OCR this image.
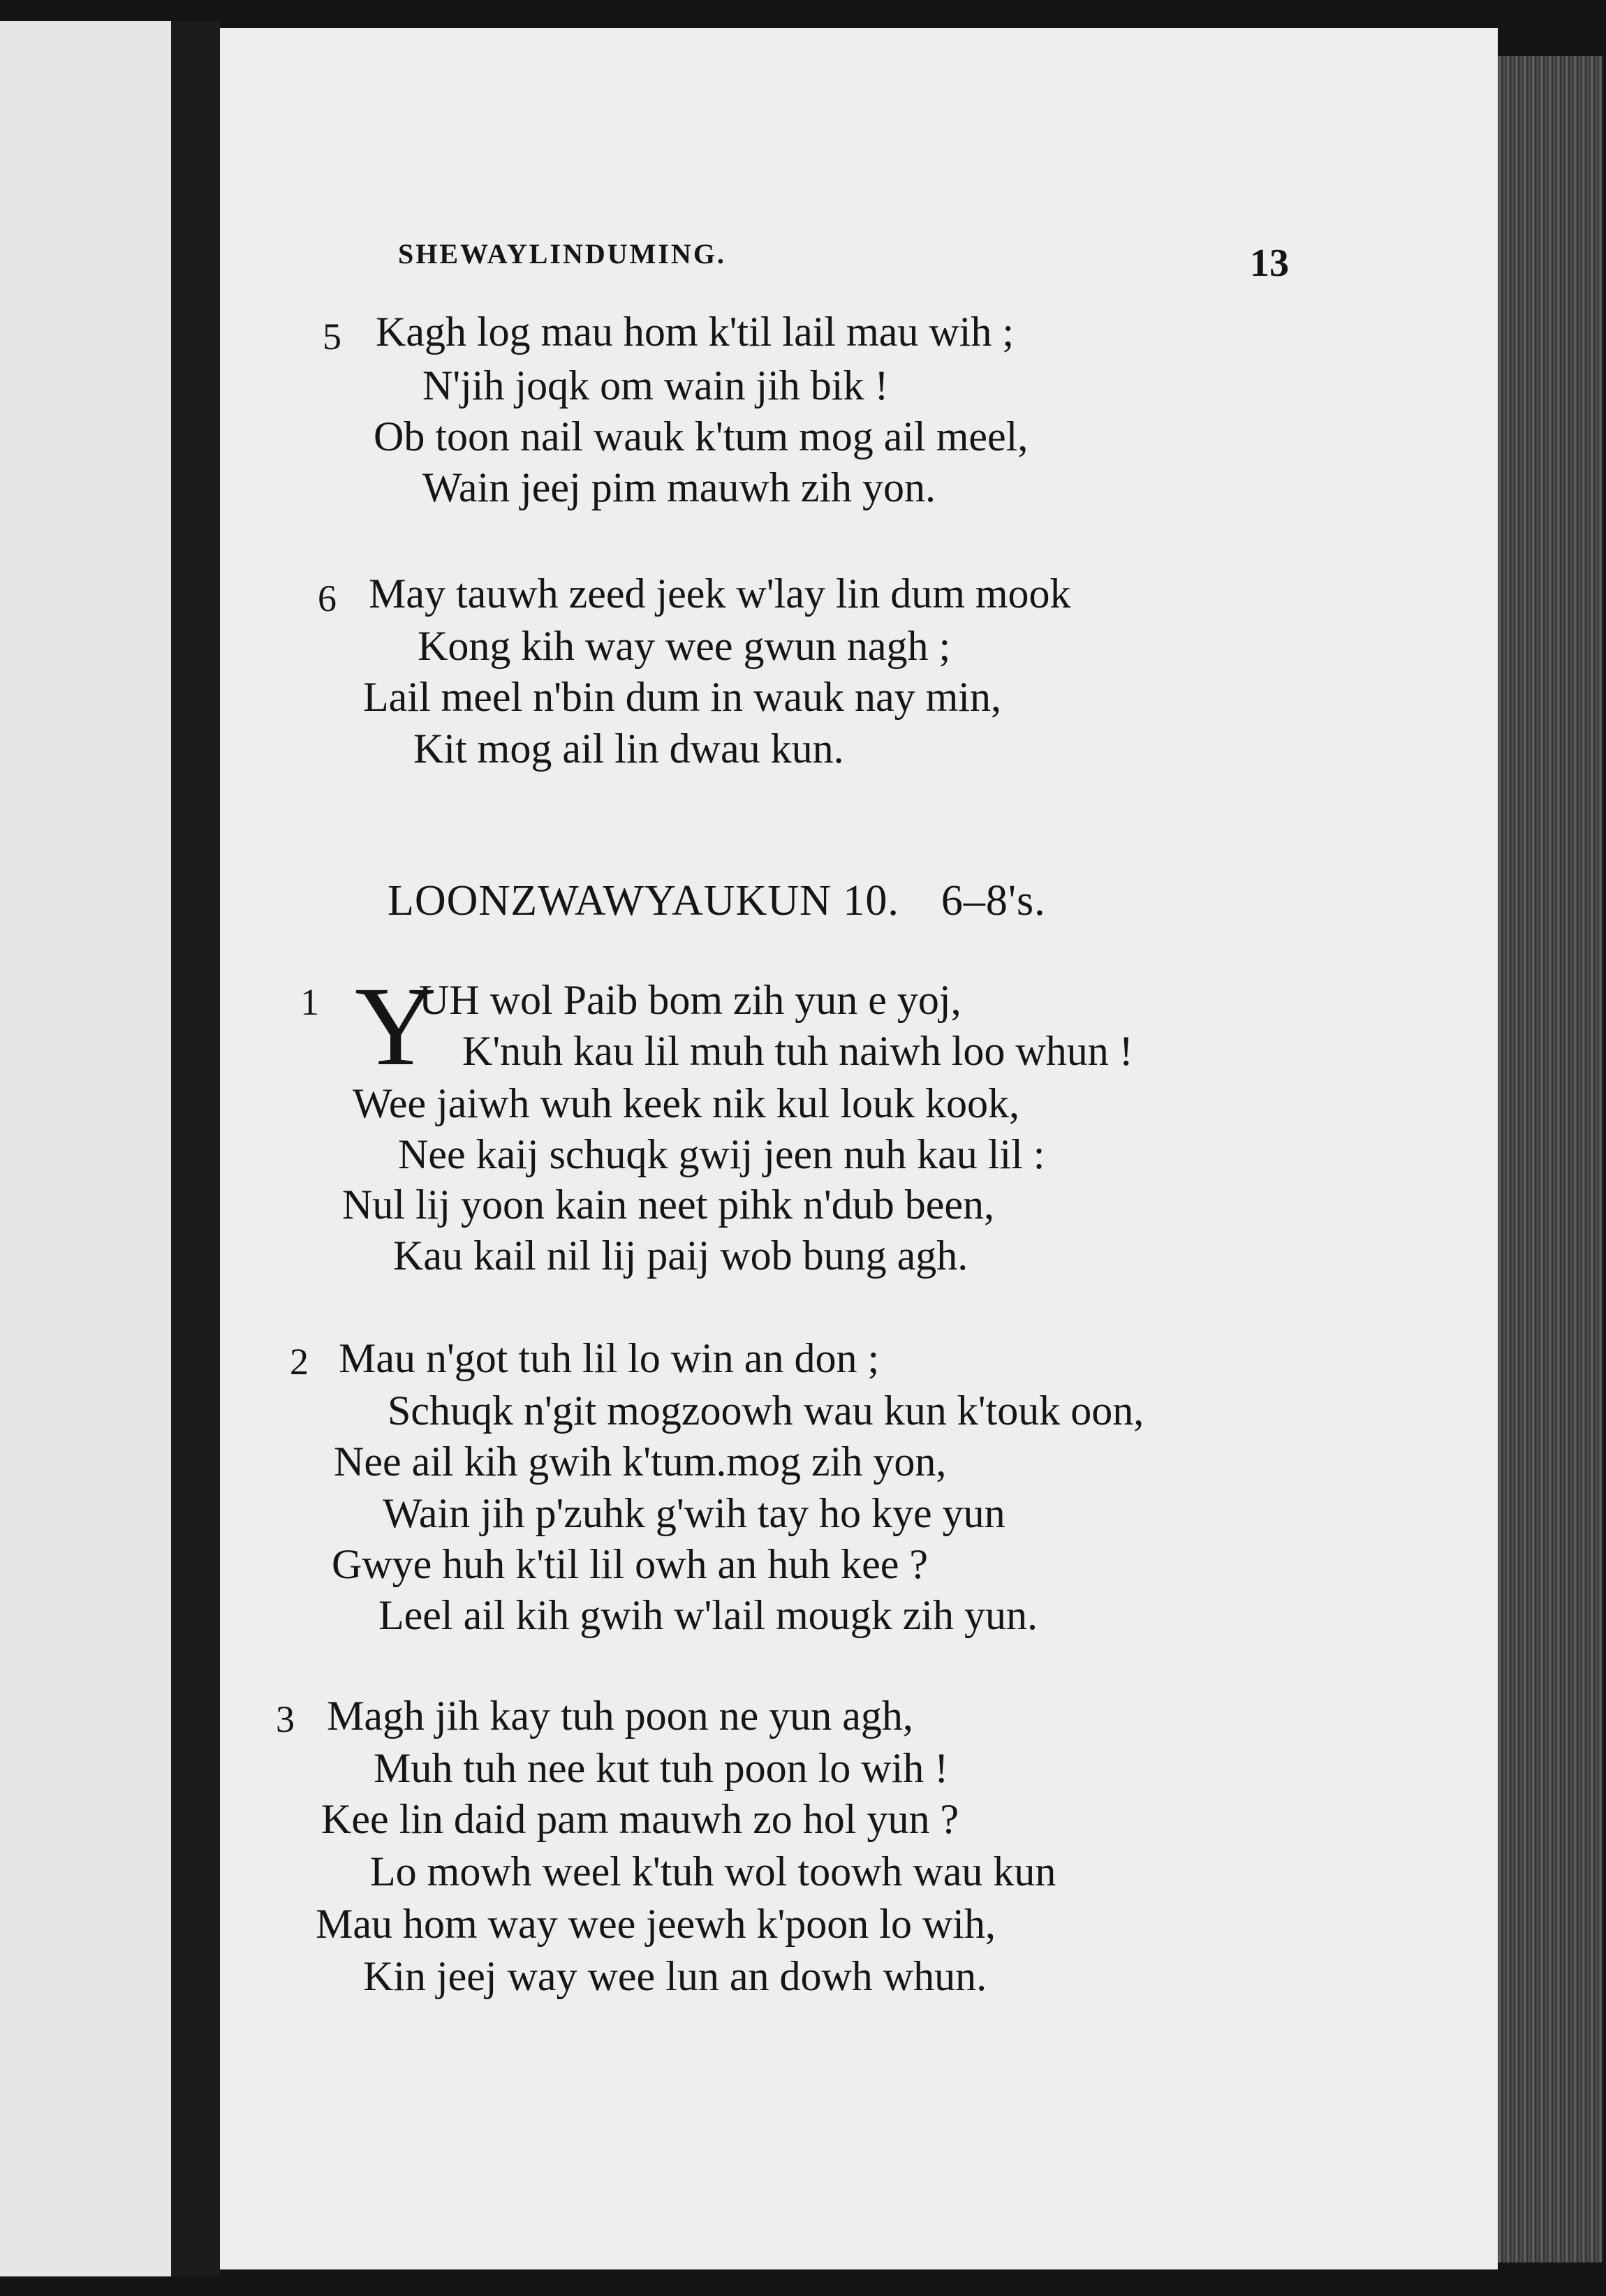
SHEWAYLINDUMING.	13
5 Kagh log mau hom k'til lail mau wih ;
N'jih joqk om wain jih bik !
Ob toon nail wauk k'tum mog ail meel,
Wain jeej pim mauwh zih yon.
6 May tauwh zeed jeek w'lay lin dum mook
Kong kih way wee gwun nagh ;
Lail meel n'bin dum in wauk nay min,
Kit mog ail lin dwau kun.
LOONZWAWYAUKUN 10. 6–8's.
1 Y
UH wol Paib bom zih yun e yoj,
K'nuh kau lil muh tuh naiwh loo whun !
Wee jaiwh wuh keek nik kul louk kook,
Nee kaij schuqk gwij jeen nuh kau lil :
Nul lij yoon kain neet pihk n'dub been,
Kau kail nil lij paij wob bung agh.
2 Mau n'got tuh lil lo win an don ;
Schuqk n'git mogzoowh wau kun k'touk oon,
Nee ail kih gwih k'tum.mog zih yon,
Wain jih p'zuhk g'wih tay ho kye yun
Gwye huh k'til lil owh an huh kee ?
Leel ail kih gwih w'lail mougk zih yun.
3 Magh jih kay tuh poon ne yun agh,
Muh tuh nee kut tuh poon lo wih !
Kee lin daid pam mauwh zo hol yun ?
Lo mowh weel k'tuh wol toowh wau kun
Mau hom way wee jeewh k'poon lo wih,
Kin jeej way wee lun an dowh whun.
